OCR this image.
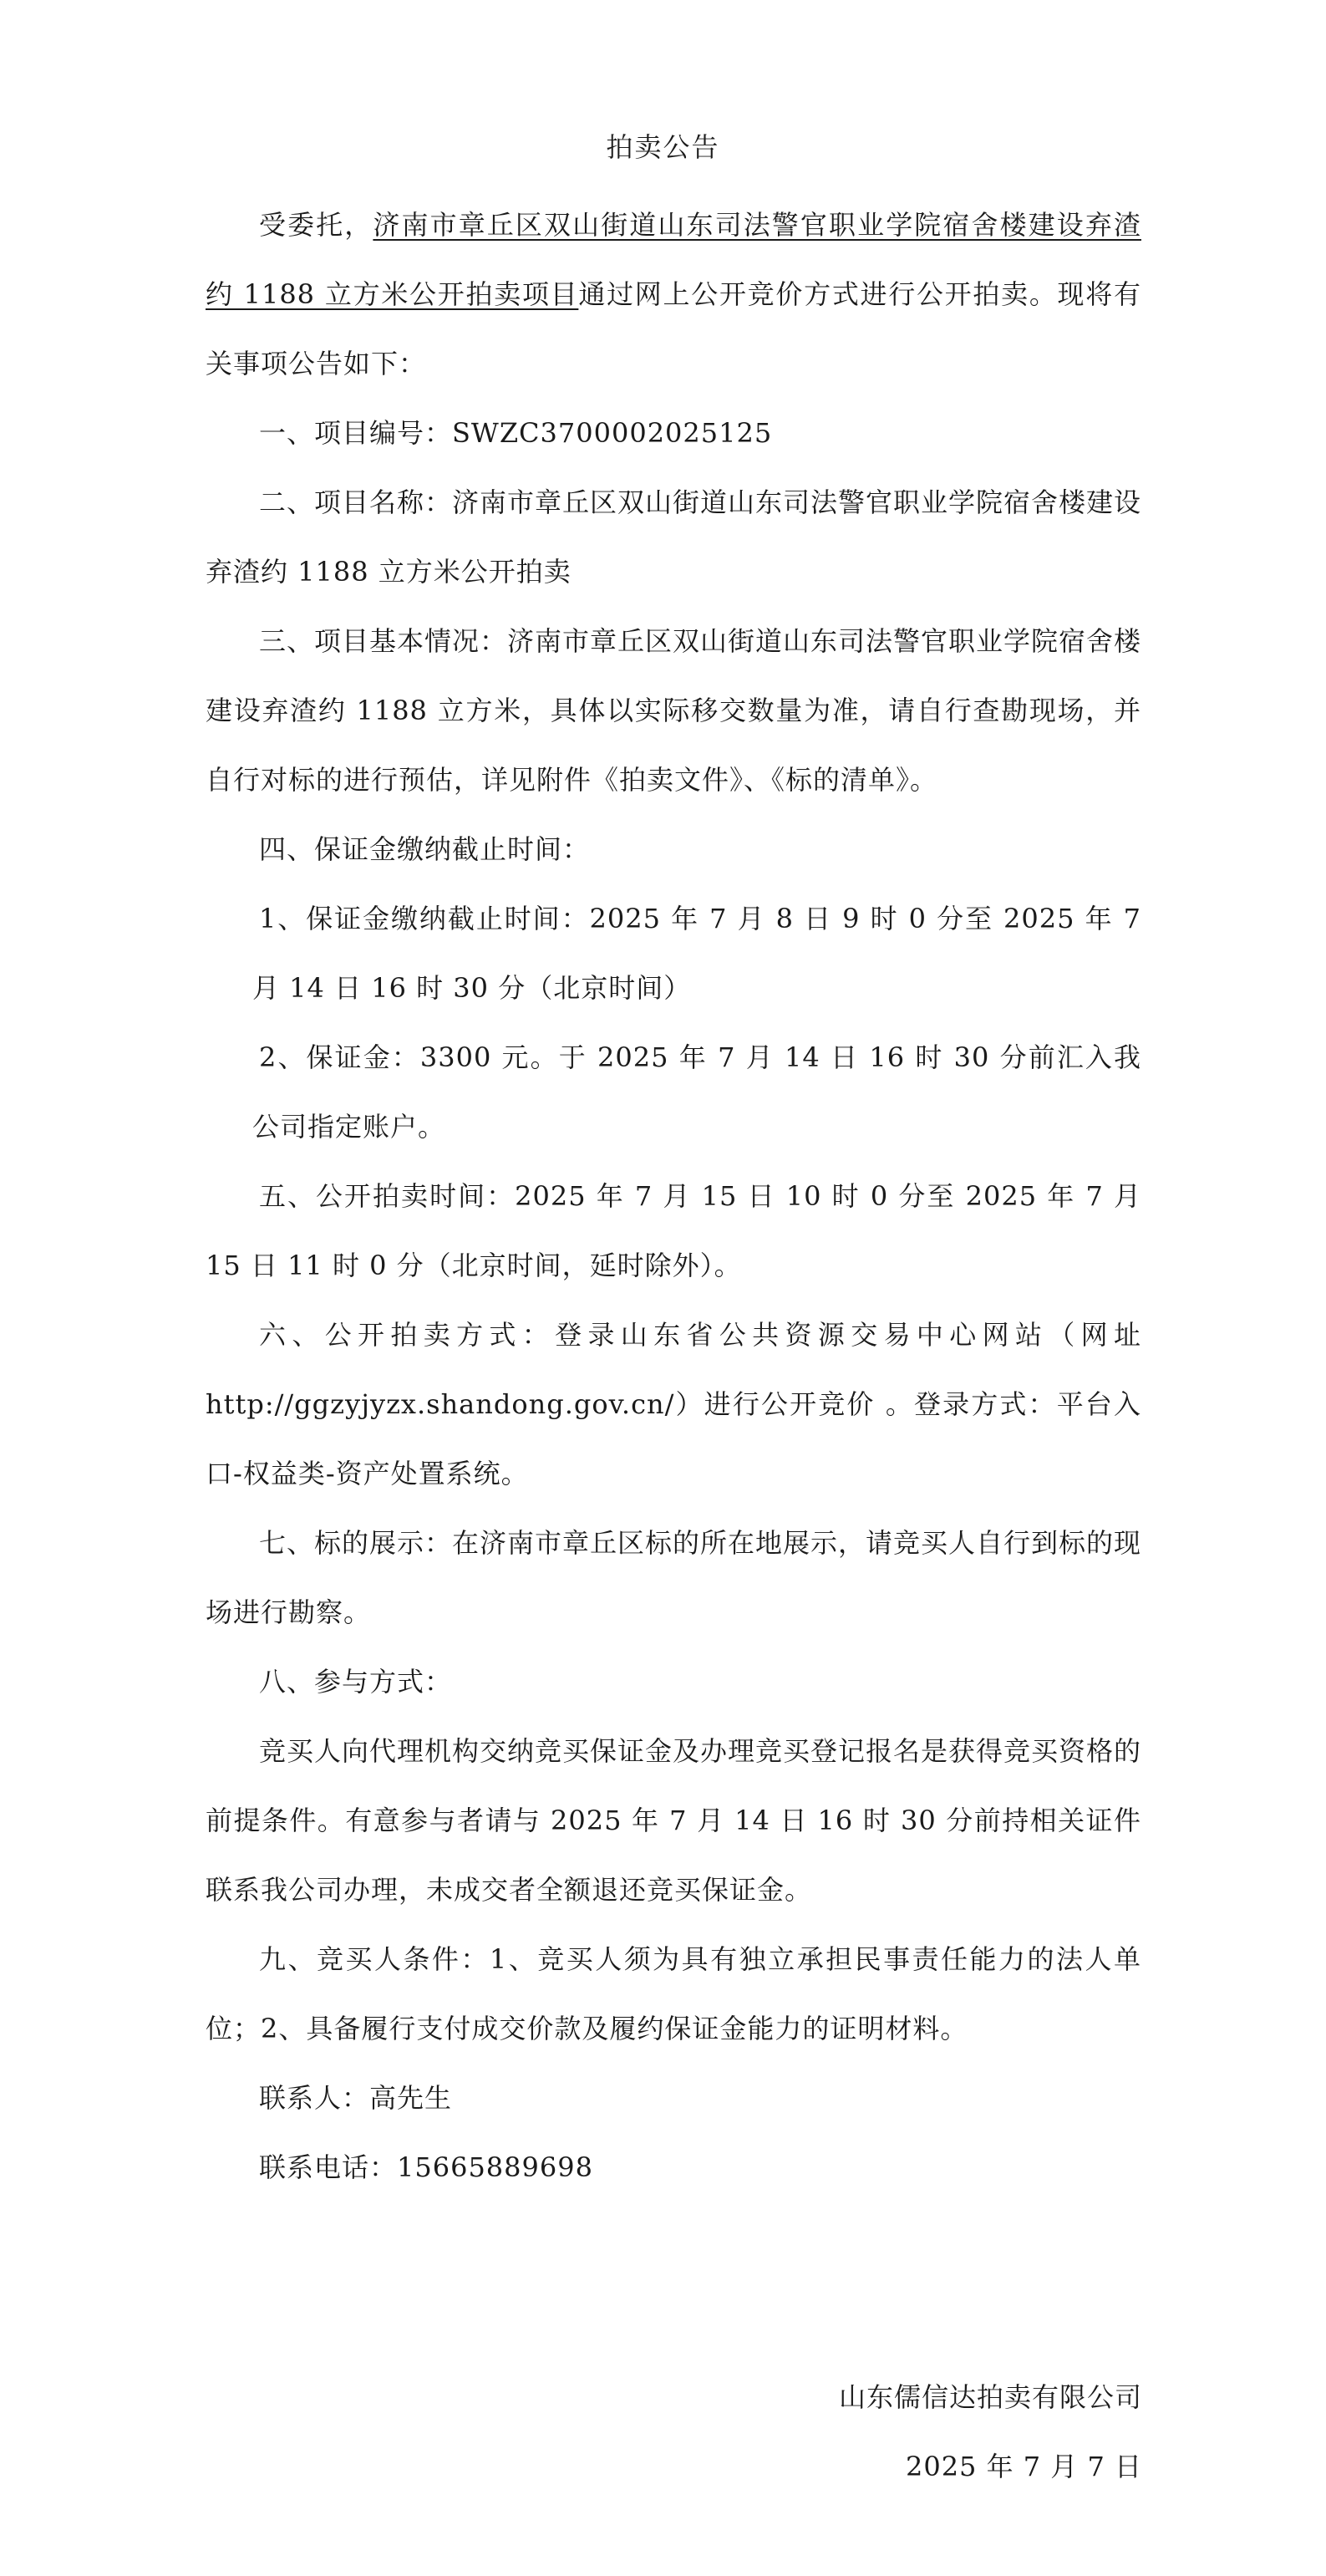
拍卖公告

受委托，济南市章丘区双山街道山东司法警官职业学院宿舍楼建设弃渣约 1188 立方米公开拍卖项目通过网上公开竞价方式进行公开拍卖。现将有关事项公告如下：

一、项目编号：SWZC3700002025125

二、项目名称：济南市章丘区双山街道山东司法警官职业学院宿舍楼建设弃渣约 1188 立方米公开拍卖

三、项目基本情况：济南市章丘区双山街道山东司法警官职业学院宿舍楼建设弃渣约 1188 立方米，具体以实际移交数量为准，请自行查勘现场，并自行对标的进行预估，详见附件《拍卖文件》、《标的清单》。

四、保证金缴纳截止时间：

1、保证金缴纳截止时间：2025 年 7 月 8 日 9 时 0 分至 2025 年 7 月 14 日 16 时 30 分（北京时间）

2、保证金：3300 元。于 2025 年 7 月 14 日 16 时 30 分前汇入我公司指定账户。

五、公开拍卖时间：2025 年 7 月 15 日 10 时 0 分至 2025 年 7 月 15 日 11 时 0 分（北京时间，延时除外）。

六、公开拍卖方式：登录山东省公共资源交易中心网站（网址 http://ggzyjyzx.shandong.gov.cn/）进行公开竞价 。登录方式：平台入口-权益类-资产处置系统。

七、标的展示：在济南市章丘区标的所在地展示，请竞买人自行到标的现场进行勘察。

八、参与方式：

竞买人向代理机构交纳竞买保证金及办理竞买登记报名是获得竞买资格的前提条件。有意参与者请与 2025 年 7 月 14 日 16 时 30 分前持相关证件联系我公司办理，未成交者全额退还竞买保证金。

九、竞买人条件：1、竞买人须为具有独立承担民事责任能力的法人单位；2、具备履行支付成交价款及履约保证金能力的证明材料。

联系人：高先生

联系电话：15665889698

山东儒信达拍卖有限公司
2025 年 7 月 7 日
